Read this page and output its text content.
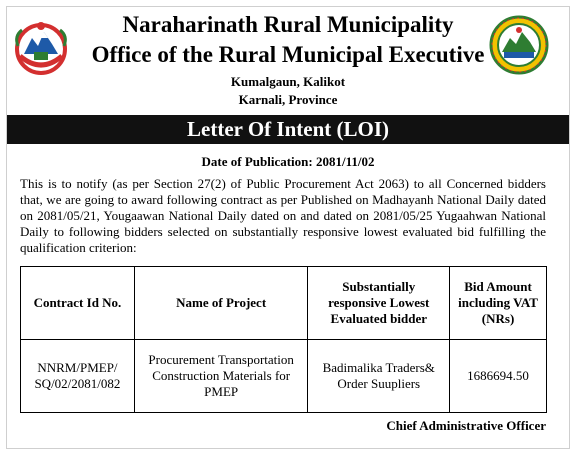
Naraharinath Rural Municipality
Office of the Rural Municipal Executive
Kumalgaun, Kalikot
Karnali, Province
Letter Of Intent (LOI)
Date of Publication: 2081/11/02
This is to notify (as per Section 27(2) of Public Procurement Act 2063) to all Concerned bidders that, we are going to award following contract as per Published on Madhayanh National Daily dated on 2081/05/21, Yougaawan National Daily dated on and dated on 2081/05/25 Yugaahwan National Daily to following bidders selected on substantially responsive lowest evaluated bid fulfilling the qualification criterion:
Contract Id No.	Name of Project	Substantially responsive Lowest Evaluated bidder	Bid Amount including VAT (NRs)
NNRM/PMEP/ SQ/02/2081/082	Procurement Transportation Construction Materials for PMEP	Badimalika Traders& Order Suupliers	1686694.50
Chief Administrative Officer
